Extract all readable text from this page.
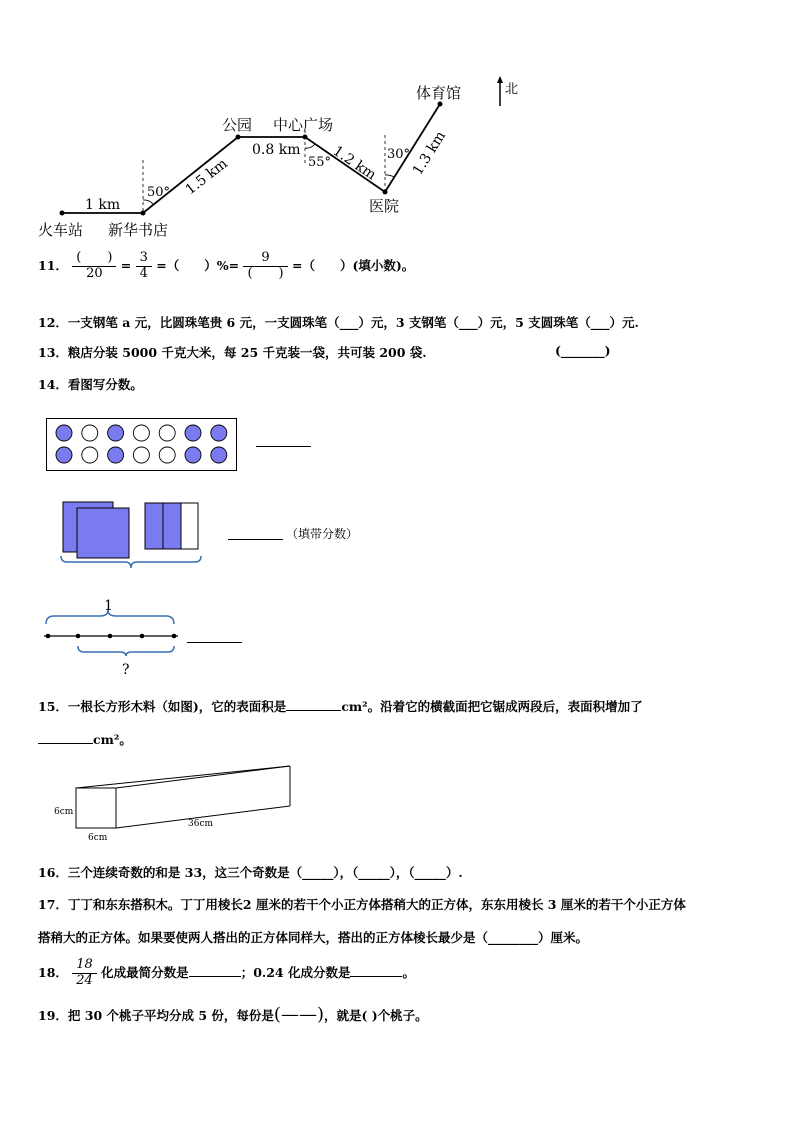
北
体育馆
公园 中心广场
火车站 新华书店
医院
1 km
1.5 km
0.8 km 1.2 km 1.3 km
50°
55°
30°
11． $\frac{( )}{20} = \frac{3}{4}$ =（　　）%= $\frac{9}{( )}$ =（　　）(填小数)。
12．一支钢笔 a 元，比圆珠笔贵 6 元，一支圆珠笔（___）元，3 支钢笔（___）元，5 支圆珠笔（___）元.
13．粮店分装 5000 千克大米，每 25 千克装一袋，共可装 200 袋.	(_______)
14．看图写分数。
（填带分数）
1
?
15．一根长方形木料（如图)，它的表面积是	cm²。沿着它的横截面把它锯成两段后，表面积增加了
cm²。
6cm
6cm
36cm
16．三个连续奇数的和是 33，这三个奇数是（_____），（_____），（_____）.
17．丁丁和东东搭积木。丁丁用棱长2 厘米的若干个小正方体搭稍大的正方体，东东用棱长 3 厘米的若干个小正方体
搭稍大的正方体。如果要使两人搭出的正方体同样大，搭出的正方体棱长最少是（________）厘米。
18． $\frac{18}{24}$ 化成最简分数是	；0.24 化成分数是	。
19．把 30 个桃子平均分成 5 份，每份是(——)，就是( )个桃子。
